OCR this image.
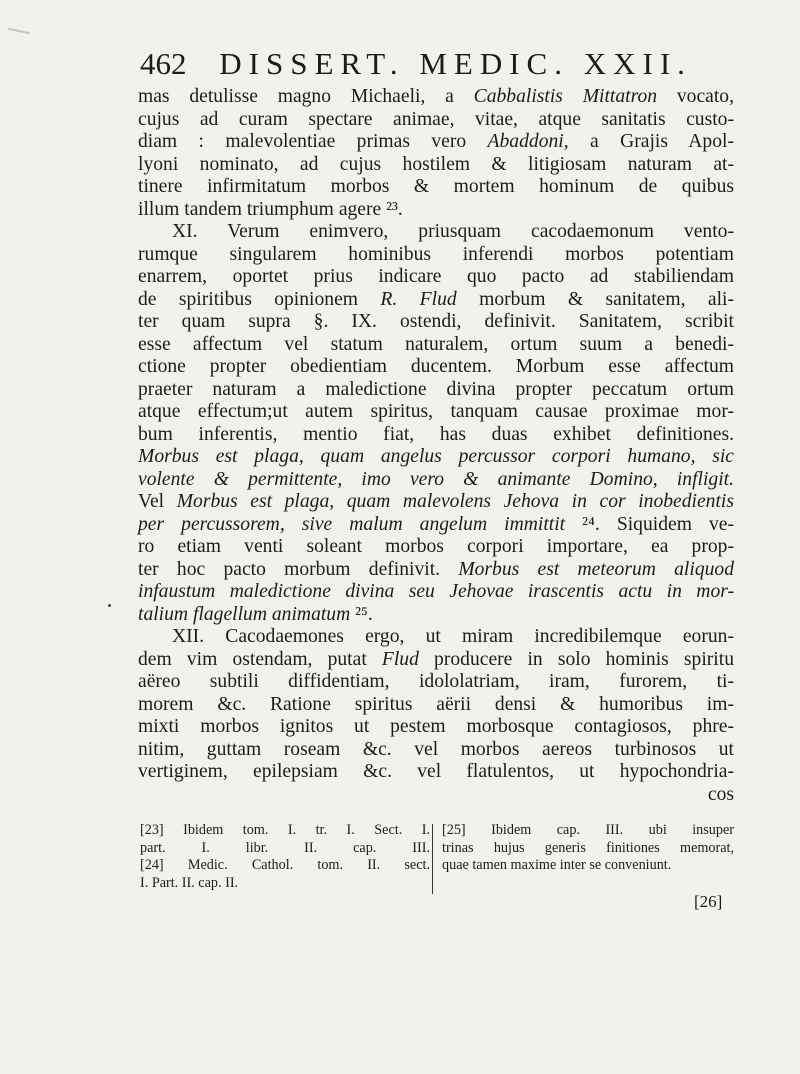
462 DISSERT. MEDIC. XXII.
mas detulisse magno Michaeli, a Cabbalistis Mittatron vocato,
cujus ad curam spectare animae, vitae, atque sanitatis custo-
diam : malevolentiae primas vero Abaddoni, a Grajis Apol-
lyoni nominato, ad cujus hostilem & litigiosam naturam at-
tinere infirmitatum morbos & mortem hominum de quibus
illum tandem triumphum agere ²³.
XI. Verum enimvero, priusquam cacodaemonum vento-
rumque singularem hominibus inferendi morbos potentiam
enarrem, oportet prius indicare quo pacto ad stabiliendam
de spiritibus opinionem R. Flud morbum & sanitatem, ali-
ter quam supra §. IX. ostendi, definivit. Sanitatem, scribit
esse affectum vel statum naturalem, ortum suum a benedi-
ctione propter obedientiam ducentem. Morbum esse affectum
praeter naturam a maledictione divina propter peccatum ortum
atque effectum;ut autem spiritus, tanquam causae proximae mor-
bum inferentis, mentio fiat, has duas exhibet definitiones.
Morbus est plaga, quam angelus percussor corpori humano, sic
volente & permittente, imo vero & animante Domino, infligit.
Vel Morbus est plaga, quam malevolens Jehova in cor inobedientis
per percussorem, sive malum angelum immittit ²⁴. Siquidem ve-
ro etiam venti soleant morbos corpori importare, ea prop-
ter hoc pacto morbum definivit. Morbus est meteorum aliquod
infaustum maledictione divina seu Jehovae irascentis actu in mor-
talium flagellum animatum ²⁵.
XII. Cacodaemones ergo, ut miram incredibilemque eorun-
dem vim ostendam, putat Flud producere in solo hominis spiritu
aëreo subtili diffidentiam, idololatriam, iram, furorem, ti-
morem &c. Ratione spiritus aërii densi & humoribus im-
mixti morbos ignitos ut pestem morbosque contagiosos, phre-
nitim, guttam roseam &c. vel morbos aereos turbinosos ut
vertiginem, epilepsiam &c. vel flatulentos, ut hypochondria-
cos
[23] Ibidem tom. I. tr. I. Sect. I.
part. I. libr. II. cap. III.
[24] Medic. Cathol. tom. II. sect.
I. Part. II. cap. II.
[25] Ibidem cap. III. ubi insuper
trinas hujus generis finitiones memorat,
quae tamen maxime inter se conveniunt.
[26]
